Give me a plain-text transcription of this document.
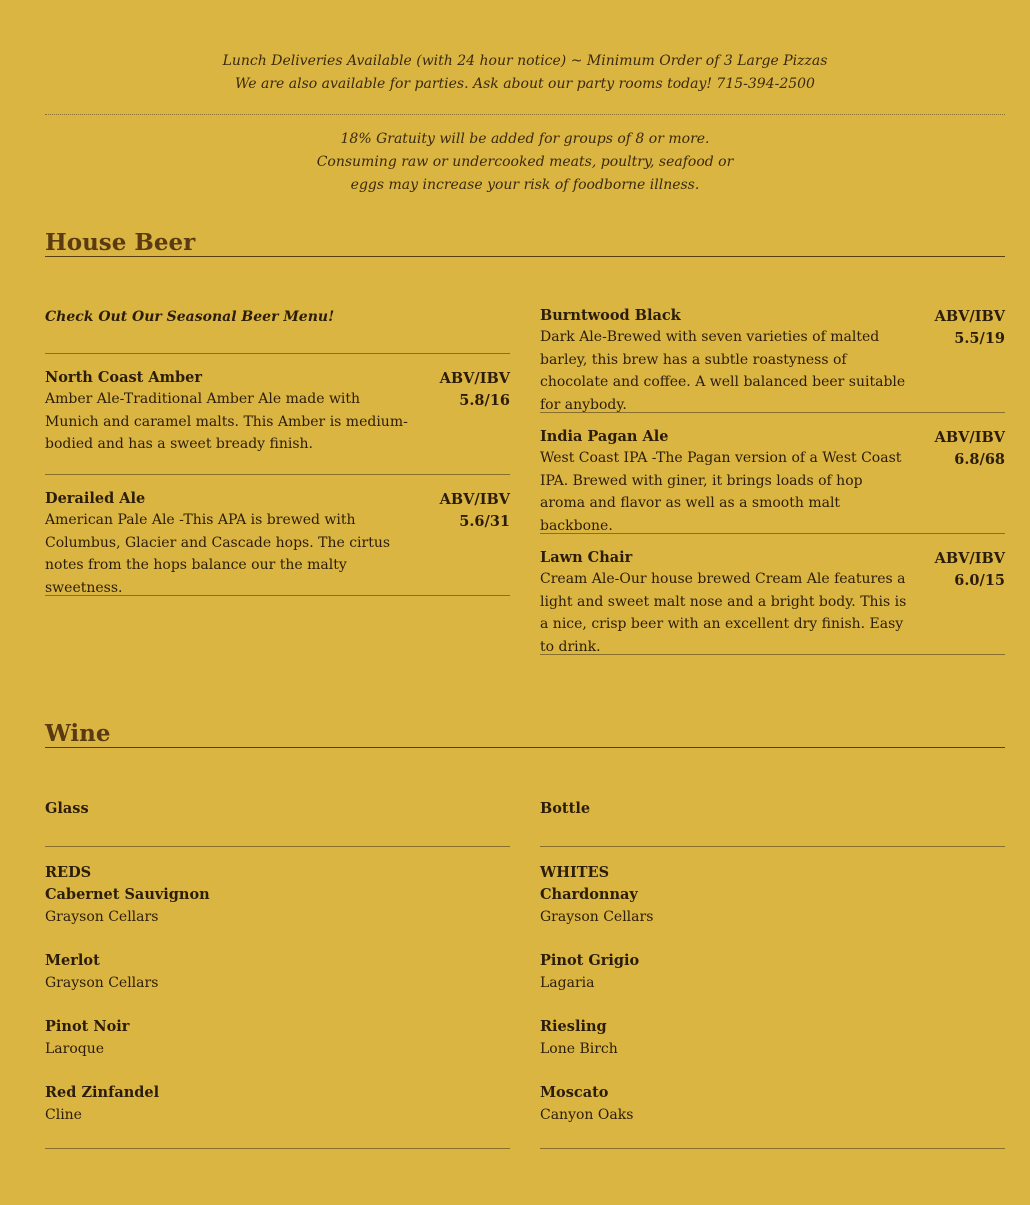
Lunch Deliveries Available (with 24 hour notice) ~ Minimum Order of 3 Large Pizzas
We are also available for parties. Ask about our party rooms today! 715-394-2500
18% Gratuity will be added for groups of 8 or more.
Consuming raw or undercooked meats, poultry, seafood or
eggs may increase your risk of foodborne illness.
House Beer
Check Out Our Seasonal Beer Menu!
North Coast Amber
Amber Ale-Traditional Amber Ale made with Munich and caramel malts. This Amber is medium-bodied and has a sweet bready finish.
ABV/IBV
5.8/16
Derailed Ale
American Pale Ale -This APA is brewed with Columbus, Glacier and Cascade hops. The cirtus notes from the hops balance our the malty sweetness.
ABV/IBV
5.6/31
Burntwood Black
Dark Ale-Brewed with seven varieties of malted barley, this brew has a subtle roastyness of chocolate and coffee. A well balanced beer suitable for anybody.
ABV/IBV
5.5/19
India Pagan Ale
West Coast IPA -The Pagan version of a West Coast IPA. Brewed with giner, it brings loads of hop aroma and flavor as well as a smooth malt backbone.
ABV/IBV
6.8/68
Lawn Chair
Cream Ale-Our house brewed Cream Ale features a light and sweet malt nose and a bright body. This is a nice, crisp beer with an excellent dry finish. Easy to drink.
ABV/IBV
6.0/15
Wine
Glass
REDS
Cabernet Sauvignon
Grayson Cellars
Merlot
Grayson Cellars
Pinot Noir
Laroque
Red Zinfandel
Cline
Bottle
WHITES
Chardonnay
Grayson Cellars
Pinot Grigio
Lagaria
Riesling
Lone Birch
Moscato
Canyon Oaks
